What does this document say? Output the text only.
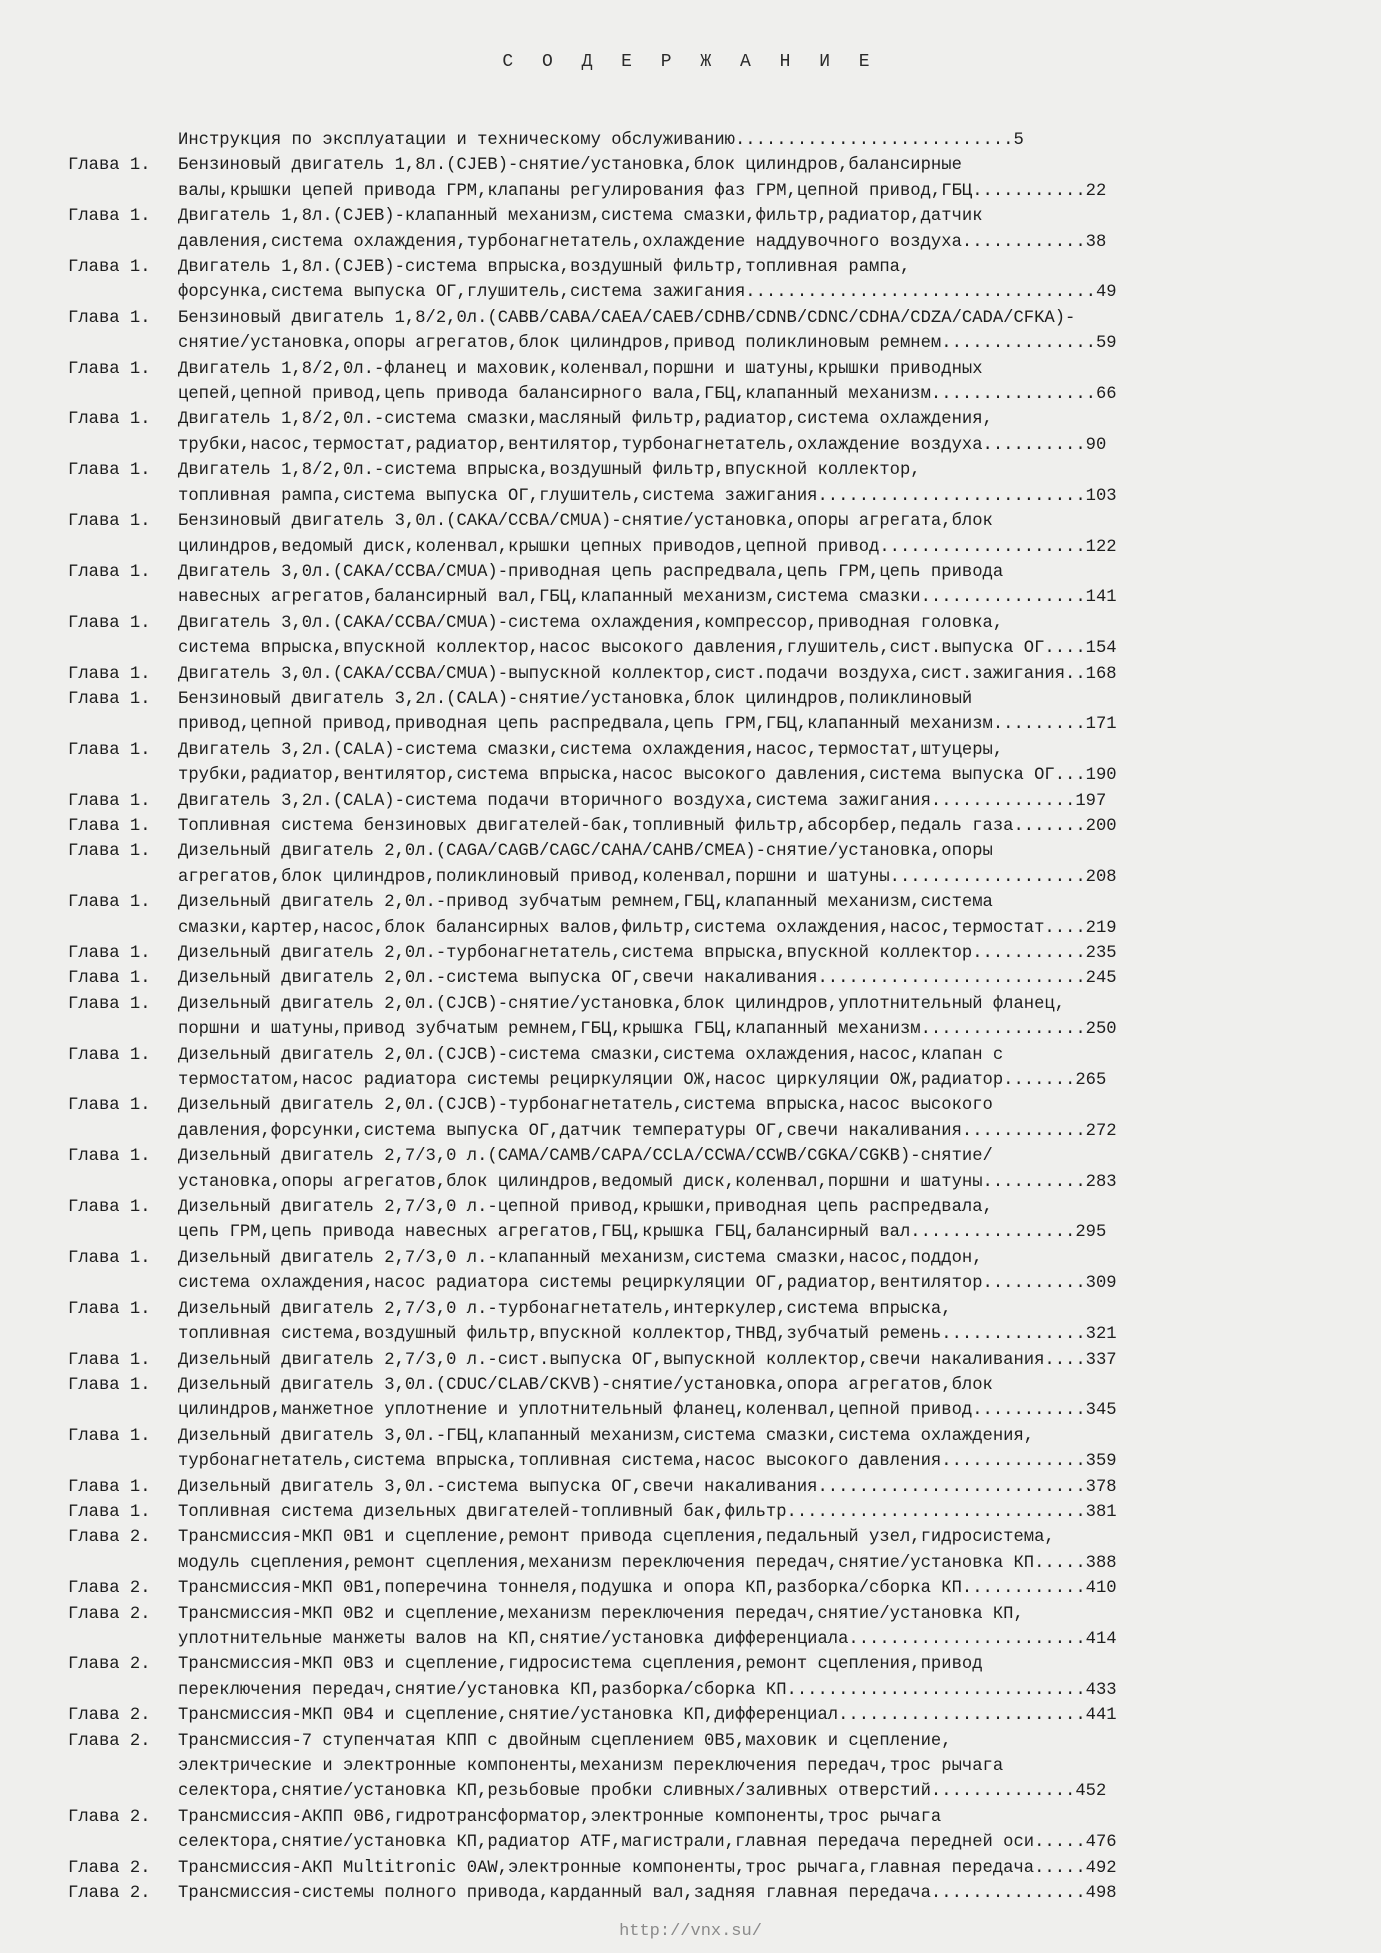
С О Д Е Р Ж А Н И Е
Инструкция по эксплуатации и техническому обслуживанию...........................5
Глава 1.	Бензиновый двигатель 1,8л.(CJEB)-снятие/установка,блок цилиндров,балансирные
валы,крышки цепей привода ГРМ,клапаны регулирования фаз ГРМ,цепной привод,ГБЦ...........22
Глава 1.	Двигатель 1,8л.(CJEB)-клапанный механизм,система смазки,фильтр,радиатор,датчик
давления,система охлаждения,турбонагнетатель,охлаждение наддувочного воздуха............38
Глава 1.	Двигатель 1,8л.(CJEB)-система впрыска,воздушный фильтр,топливная рампа,
форсунка,система выпуска ОГ,глушитель,система зажигания..................................49
Глава 1.	Бензиновый двигатель 1,8/2,0л.(CABB/CABA/CAEA/CAEB/CDHB/CDNB/CDNC/CDHA/CDZA/CADA/CFKA)-
снятие/установка,опоры агрегатов,блок цилиндров,привод поликлиновым ремнем...............59
Глава 1.	Двигатель 1,8/2,0л.-фланец и маховик,коленвал,поршни и шатуны,крышки приводных
цепей,цепной привод,цепь привода балансирного вала,ГБЦ,клапанный механизм................66
Глава 1.	Двигатель 1,8/2,0л.-система смазки,масляный фильтр,радиатор,система охлаждения,
трубки,насос,термостат,радиатор,вентилятор,турбонагнетатель,охлаждение воздуха..........90
Глава 1.	Двигатель 1,8/2,0л.-система впрыска,воздушный фильтр,впускной коллектор,
топливная рампа,система выпуска ОГ,глушитель,система зажигания..........................103
Глава 1.	Бензиновый двигатель 3,0л.(CAKA/CCBA/CMUA)-снятие/установка,опоры агрегата,блок
цилиндров,ведомый диск,коленвал,крышки цепных приводов,цепной привод....................122
Глава 1.	Двигатель 3,0л.(CAKA/CCBA/CMUA)-приводная цепь распредвала,цепь ГРМ,цепь привода
навесных агрегатов,балансирный вал,ГБЦ,клапанный механизм,система смазки................141
Глава 1.	Двигатель 3,0л.(CAKA/CCBA/CMUA)-система охлаждения,компрессор,приводная головка,
система впрыска,впускной коллектор,насос высокого давления,глушитель,сист.выпуска ОГ....154
Глава 1.	Двигатель 3,0л.(CAKA/CCBA/CMUA)-выпускной коллектор,сист.подачи воздуха,сист.зажигания..168
Глава 1.	Бензиновый двигатель 3,2л.(CALA)-снятие/установка,блок цилиндров,поликлиновый
привод,цепной привод,приводная цепь распредвала,цепь ГРМ,ГБЦ,клапанный механизм.........171
Глава 1.	Двигатель 3,2л.(CALA)-система смазки,система охлаждения,насос,термостат,штуцеры,
трубки,радиатор,вентилятор,система впрыска,насос высокого давления,система выпуска ОГ...190
Глава 1.	Двигатель 3,2л.(CALA)-система подачи вторичного воздуха,система зажигания..............197
Глава 1.	Топливная система бензиновых двигателей-бак,топливный фильтр,абсорбер,педаль газа.......200
Глава 1.	Дизельный двигатель 2,0л.(CAGA/CAGB/CAGC/CAHA/CAHB/CMEA)-снятие/установка,опоры
агрегатов,блок цилиндров,поликлиновый привод,коленвал,поршни и шатуны...................208
Глава 1.	Дизельный двигатель 2,0л.-привод зубчатым ремнем,ГБЦ,клапанный механизм,система
смазки,картер,насос,блок балансирных валов,фильтр,система охлаждения,насос,термостат....219
Глава 1.	Дизельный двигатель 2,0л.-турбонагнетатель,система впрыска,впускной коллектор...........235
Глава 1.	Дизельный двигатель 2,0л.-система выпуска ОГ,свечи накаливания..........................245
Глава 1.	Дизельный двигатель 2,0л.(CJCB)-снятие/установка,блок цилиндров,уплотнительный фланец,
поршни и шатуны,привод зубчатым ремнем,ГБЦ,крышка ГБЦ,клапанный механизм................250
Глава 1.	Дизельный двигатель 2,0л.(CJCB)-система смазки,система охлаждения,насос,клапан с
термостатом,насос радиатора системы рециркуляции ОЖ,насос циркуляции ОЖ,радиатор.......265
Глава 1.	Дизельный двигатель 2,0л.(CJCB)-турбонагнетатель,система впрыска,насос высокого
давления,форсунки,система выпуска ОГ,датчик температуры ОГ,свечи накаливания............272
Глава 1.	Дизельный двигатель 2,7/3,0 л.(CAMA/CAMB/CAPA/CCLA/CCWA/CCWB/CGKA/CGKB)-снятие/
установка,опоры агрегатов,блок цилиндров,ведомый диск,коленвал,поршни и шатуны..........283
Глава 1.	Дизельный двигатель 2,7/3,0 л.-цепной привод,крышки,приводная цепь распредвала,
цепь ГРМ,цепь привода навесных агрегатов,ГБЦ,крышка ГБЦ,балансирный вал................295
Глава 1.	Дизельный двигатель 2,7/3,0 л.-клапанный механизм,система смазки,насос,поддон,
система охлаждения,насос радиатора системы рециркуляции ОГ,радиатор,вентилятор..........309
Глава 1.	Дизельный двигатель 2,7/3,0 л.-турбонагнетатель,интеркулер,система впрыска,
топливная система,воздушный фильтр,впускной коллектор,ТНВД,зубчатый ремень..............321
Глава 1.	Дизельный двигатель 2,7/3,0 л.-сист.выпуска ОГ,выпускной коллектор,свечи накаливания....337
Глава 1.	Дизельный двигатель 3,0л.(CDUC/CLAB/CKVB)-снятие/установка,опора агрегатов,блок
цилиндров,манжетное уплотнение и уплотнительный фланец,коленвал,цепной привод...........345
Глава 1.	Дизельный двигатель 3,0л.-ГБЦ,клапанный механизм,система смазки,система охлаждения,
турбонагнетатель,система впрыска,топливная система,насос высокого давления..............359
Глава 1.	Дизельный двигатель 3,0л.-система выпуска ОГ,свечи накаливания..........................378
Глава 1.	Топливная система дизельных двигателей-топливный бак,фильтр.............................381
Глава 2.	Трансмиссия-МКП 0B1 и сцепление,ремонт привода сцепления,педальный узел,гидросистема,
модуль сцепления,ремонт сцепления,механизм переключения передач,снятие/установка КП.....388
Глава 2.	Трансмиссия-МКП 0B1,поперечина тоннеля,подушка и опора КП,разборка/сборка КП............410
Глава 2.	Трансмиссия-МКП 0B2 и сцепление,механизм переключения передач,снятие/установка КП,
уплотнительные манжеты валов на КП,снятие/установка дифференциала.......................414
Глава 2.	Трансмиссия-МКП 0B3 и сцепление,гидросистема сцепления,ремонт сцепления,привод
переключения передач,снятие/установка КП,разборка/сборка КП.............................433
Глава 2.	Трансмиссия-МКП 0B4 и сцепление,снятие/установка КП,дифференциал........................441
Глава 2.	Трансмиссия-7 ступенчатая КПП с двойным сцеплением 0B5,маховик и сцепление,
электрические и электронные компоненты,механизм переключения передач,трос рычага
селектора,снятие/установка КП,резьбовые пробки сливных/заливных отверстий..............452
Глава 2.	Трансмиссия-АКПП 0B6,гидротрансформатор,электронные компоненты,трос рычага
селектора,снятие/установка КП,радиатор ATF,магистрали,главная передача передней оси.....476
Глава 2.	Трансмиссия-АКП Multitronic 0AW,электронные компоненты,трос рычага,главная передача.....492
Глава 2.	Трансмиссия-системы полного привода,карданный вал,задняя главная передача...............498
http://vnx.su/
